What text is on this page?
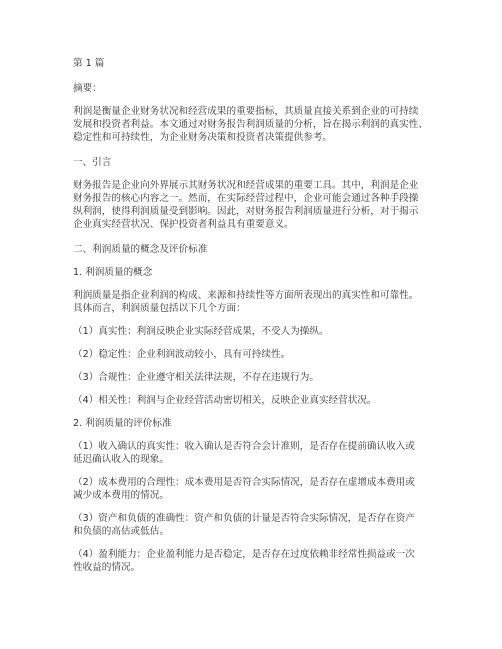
第 1 篇
摘要：
利润是衡量企业财务状况和经营成果的重要指标，其质量直接关系到企业的可持续
发展和投资者利益。本文通过对财务报告利润质量的分析，旨在揭示利润的真实性、
稳定性和可持续性，为企业财务决策和投资者决策提供参考。
一、引言
财务报告是企业向外界展示其财务状况和经营成果的重要工具。其中，利润是企业
财务报告的核心内容之一。然而，在实际经营过程中，企业可能会通过各种手段操
纵利润，使得利润质量受到影响。因此，对财务报告利润质量进行分析，对于揭示
企业真实经营状况、保护投资者利益具有重要意义。
二、利润质量的概念及评价标准
1. 利润质量的概念
利润质量是指企业利润的构成、来源和持续性等方面所表现出的真实性和可靠性。
具体而言，利润质量包括以下几个方面：
（1）真实性：利润反映企业实际经营成果，不受人为操纵。
（2）稳定性：企业利润波动较小，具有可持续性。
（3）合规性：企业遵守相关法律法规，不存在违规行为。
（4）相关性：利润与企业经营活动密切相关，反映企业真实经营状况。
2. 利润质量的评价标准
（1）收入确认的真实性：收入确认是否符合会计准则，是否存在提前确认收入或
延迟确认收入的现象。
（2）成本费用的合理性：成本费用是否符合实际情况，是否存在虚增成本费用或
减少成本费用的情况。
（3）资产和负债的准确性：资产和负债的计量是否符合实际情况，是否存在资产
和负债的高估或低估。
（4）盈利能力：企业盈利能力是否稳定，是否存在过度依赖非经常性损益或一次
性收益的情况。
